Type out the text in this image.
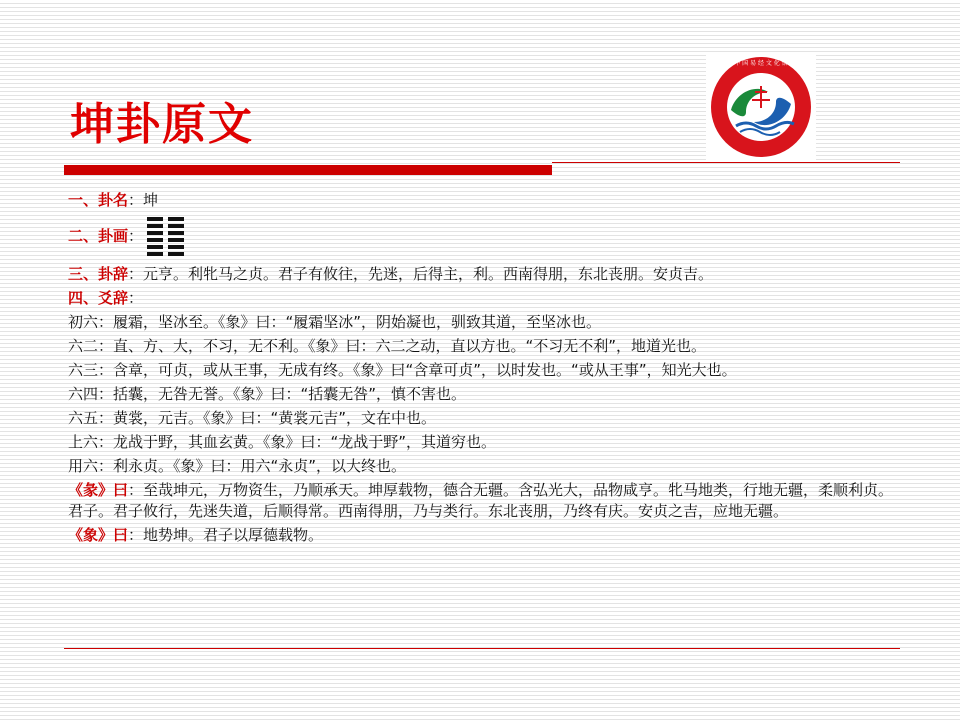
坤卦原文
中 国 易 经 文 化 馆
一、卦名：坤
二、卦画 ：
三、卦辞：元亨。利牝马之贞。君子有攸往，先迷，后得主，利。西南得朋，东北丧朋。安贞吉。
四、爻辞：
初六：履霜，坚冰至。《象》曰：“履霜坚冰”，阴始凝也，驯致其道，至坚冰也。
六二：直、方、大，不习，无不利。《象》曰：六二之动，直以方也。“不习无不利”，地道光也。
六三：含章，可贞，或从王事，无成有终。《象》曰“含章可贞”，以时发也。“或从王事”，知光大也。
六四：括囊，无咎无誉。《象》曰：“括囊无咎”，慎不害也。
六五：黄裳，元吉。《象》曰：“黄裳元吉”，文在中也。
上六：龙战于野，其血玄黄。《象》曰：“龙战于野”，其道穷也。
用六：利永贞。《象》曰：用六“永贞”，以大终也。
《彖》曰：至哉坤元，万物资生，乃顺承天。坤厚载物，德合无疆。含弘光大，品物咸亨。牝马地类，行地无疆，柔顺利贞。君子。君子攸行，先迷失道，后顺得常。西南得朋，乃与类行。东北丧朋，乃终有庆。安贞之吉，应地无疆。
《象》曰：地势坤。君子以厚德载物。
